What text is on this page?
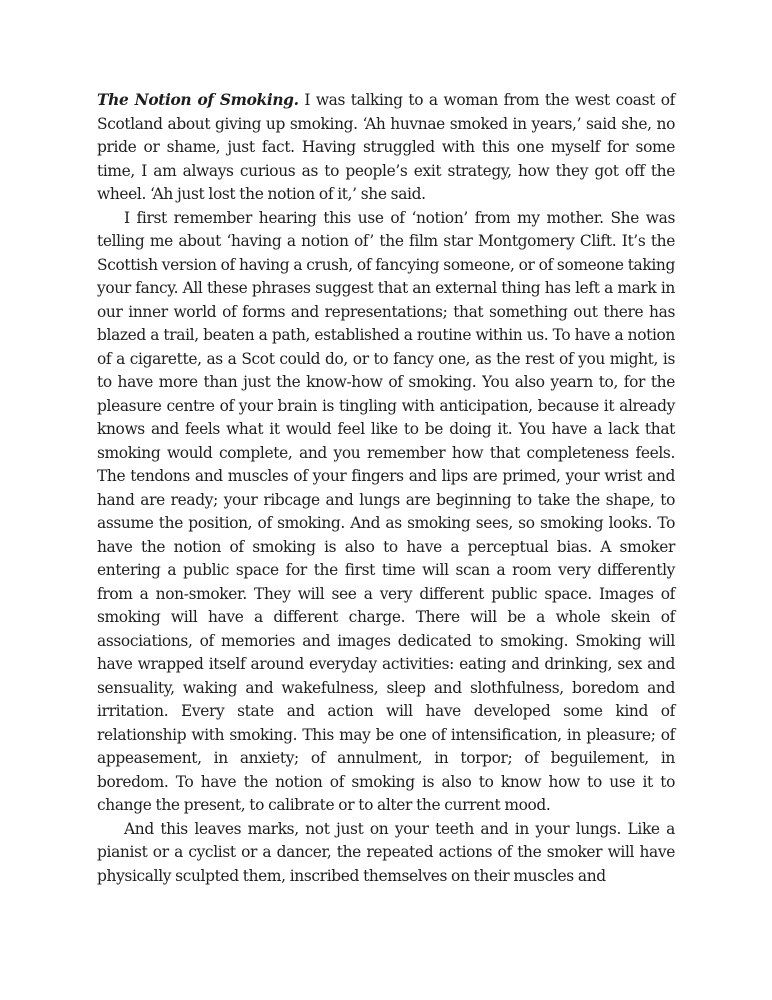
The Notion of Smoking. I was talking to a woman from the west coast of Scotland about giving up smoking. ‘Ah huvnae smoked in years,’ said she, no pride or shame, just fact. Having struggled with this one myself for some time, I am always curious as to people’s exit strategy, how they got off the wheel. ‘Ah just lost the notion of it,’ she said.

I first remember hearing this use of ‘notion’ from my mother. She was telling me about ‘having a notion of’ the film star Montgomery Clift. It’s the Scottish version of having a crush, of fancying someone, or of someone taking your fancy. All these phrases suggest that an external thing has left a mark in our inner world of forms and representations; that something out there has blazed a trail, beaten a path, established a routine within us. To have a notion of a cigarette, as a Scot could do, or to fancy one, as the rest of you might, is to have more than just the know-how of smoking. You also yearn to, for the pleasure centre of your brain is tingling with anticipation, because it already knows and feels what it would feel like to be doing it. You have a lack that smoking would complete, and you remember how that completeness feels. The tendons and muscles of your fingers and lips are primed, your wrist and hand are ready; your ribcage and lungs are beginning to take the shape, to assume the position, of smoking. And as smoking sees, so smoking looks. To have the notion of smoking is also to have a perceptual bias. A smoker entering a public space for the first time will scan a room very differently from a non-smoker. They will see a very different public space. Images of smoking will have a different charge. There will be a whole skein of associations, of memories and images dedicated to smoking. Smoking will have wrapped itself around everyday activities: eating and drinking, sex and sensuality, waking and wakefulness, sleep and slothfulness, boredom and irritation. Every state and action will have developed some kind of relationship with smoking. This may be one of intensification, in pleasure; of appeasement, in anxiety; of annulment, in torpor; of beguilement, in boredom. To have the notion of smoking is also to know how to use it to change the present, to calibrate or to alter the current mood.

And this leaves marks, not just on your teeth and in your lungs. Like a pianist or a cyclist or a dancer, the repeated actions of the smoker will have physically sculpted them, inscribed themselves on their muscles and
